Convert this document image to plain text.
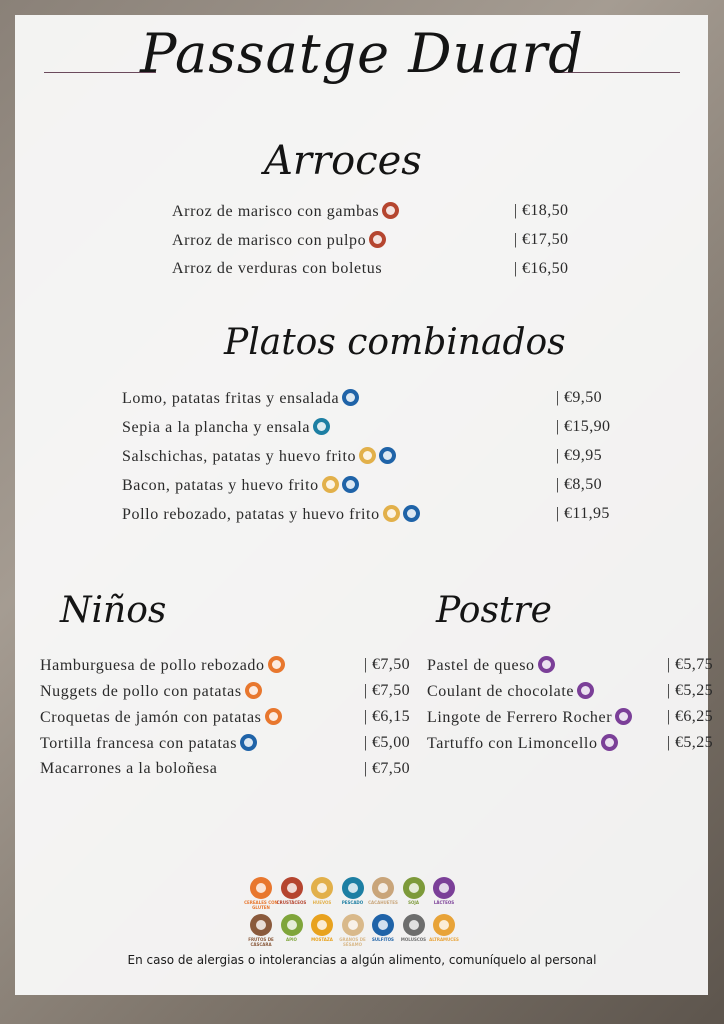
Passatge Duard
Arroces
Arroz de marisco con gambas	| €18,50
Arroz de marisco con pulpo	| €17,50
Arroz de verduras con boletus	| €16,50
Platos combinados
Lomo, patatas fritas y ensalada	| €9,50
Sepia a la plancha y ensala	| €15,90
Salschichas, patatas y huevo frito	| €9,95
Bacon, patatas y huevo frito	| €8,50
Pollo rebozado, patatas y huevo frito	| €11,95
Niños
Hamburguesa de pollo rebozado	| €7,50
Nuggets de pollo con patatas	| €7,50
Croquetas de jamón con patatas	| €6,15
Tortilla francesa con patatas	| €5,00
Macarrones a la boloñesa	| €7,50
Postre
Pastel de queso	| €5,75
Coulant de chocolate	| €5,25
Lingote de Ferrero Rocher	| €6,25
Tartuffo con Limoncello	| €5,25
CEREALES CON GLUTEN
CRUSTÁCEOS	HUEVOS	PESCADO	CACAHUETES	SOJA	LÁCTEOS
FRUTOS DE CÁSCARA
APIO	MOSTAZA	GRANOS DE SÉSAMO
SULFITOS	MOLUSCOS ALTRAMUCES
En caso de alergias o intolerancias a algún alimento, comuníquelo al personal
